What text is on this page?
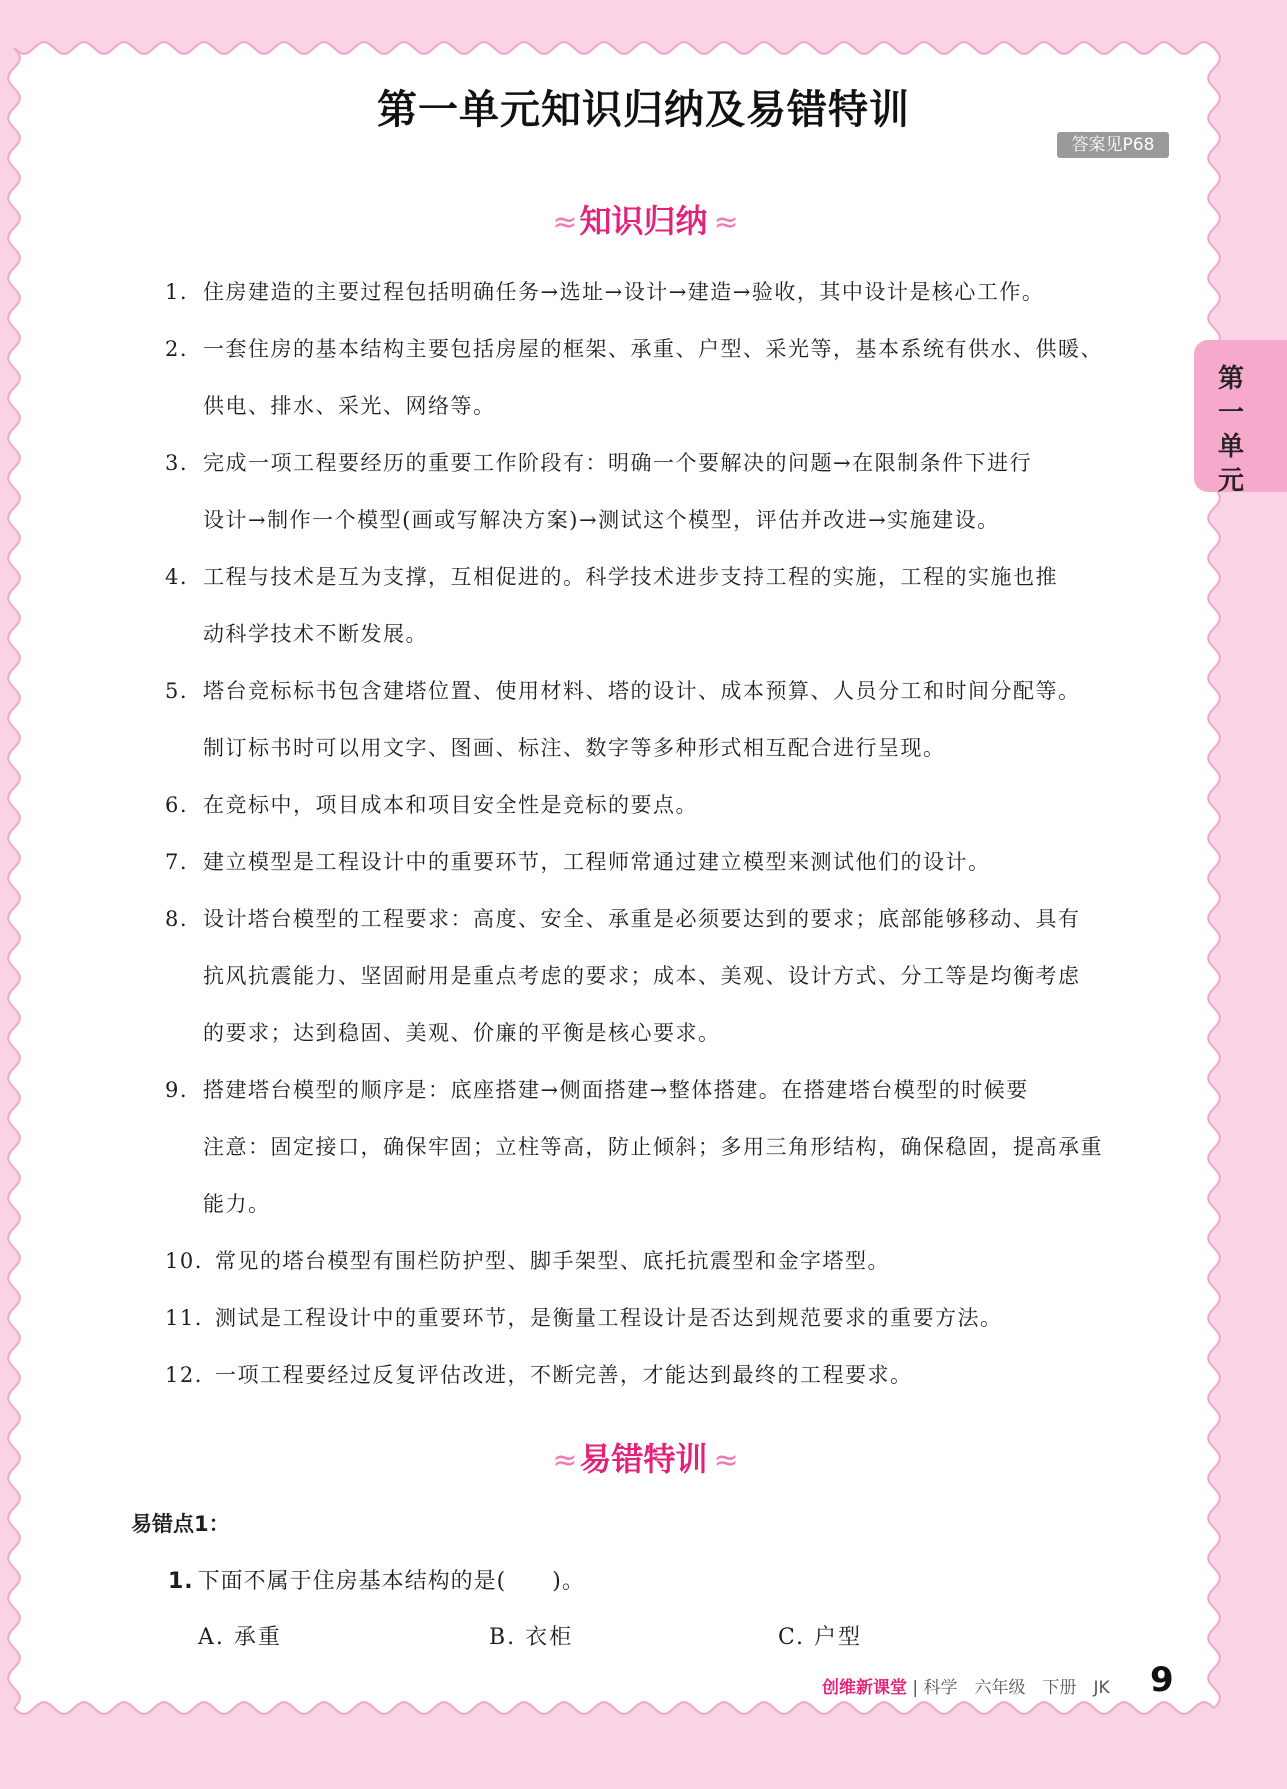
第一单元知识归纳及易错特训
答案见P68
≈ 知识归纳 ≈
1. 住房建造的主要过程包括明确任务→选址→设计→建造→验收，其中设计是核心工作。
2. 一套住房的基本结构主要包括房屋的框架、承重、户型、采光等，基本系统有供水、供暖、
供电、排水、采光、网络等。
3. 完成一项工程要经历的重要工作阶段有：明确一个要解决的问题→在限制条件下进行
设计→制作一个模型(画或写解决方案)→测试这个模型，评估并改进→实施建设。
4. 工程与技术是互为支撑，互相促进的。科学技术进步支持工程的实施，工程的实施也推
动科学技术不断发展。
5. 塔台竞标标书包含建塔位置、使用材料、塔的设计、成本预算、人员分工和时间分配等。
制订标书时可以用文字、图画、标注、数字等多种形式相互配合进行呈现。
6. 在竞标中，项目成本和项目安全性是竞标的要点。
7. 建立模型是工程设计中的重要环节，工程师常通过建立模型来测试他们的设计。
8. 设计塔台模型的工程要求：高度、安全、承重是必须要达到的要求；底部能够移动、具有
抗风抗震能力、坚固耐用是重点考虑的要求；成本、美观、设计方式、分工等是均衡考虑
的要求；达到稳固、美观、价廉的平衡是核心要求。
9. 搭建塔台模型的顺序是：底座搭建→侧面搭建→整体搭建。在搭建塔台模型的时候要
注意：固定接口，确保牢固；立柱等高，防止倾斜；多用三角形结构，确保稳固，提高承重
能力。
10. 常见的塔台模型有围栏防护型、脚手架型、底托抗震型和金字塔型。
11. 测试是工程设计中的重要环节，是衡量工程设计是否达到规范要求的重要方法。
12. 一项工程要经过反复评估改进，不断完善，才能达到最终的工程要求。
第一单元
≈ 易错特训 ≈
易错点1：
1. 下面不属于住房基本结构的是(　　)。
A. 承重	B. 衣柜	C. 户型
创维新课堂 | 科学　六年级　下册　JK 9
